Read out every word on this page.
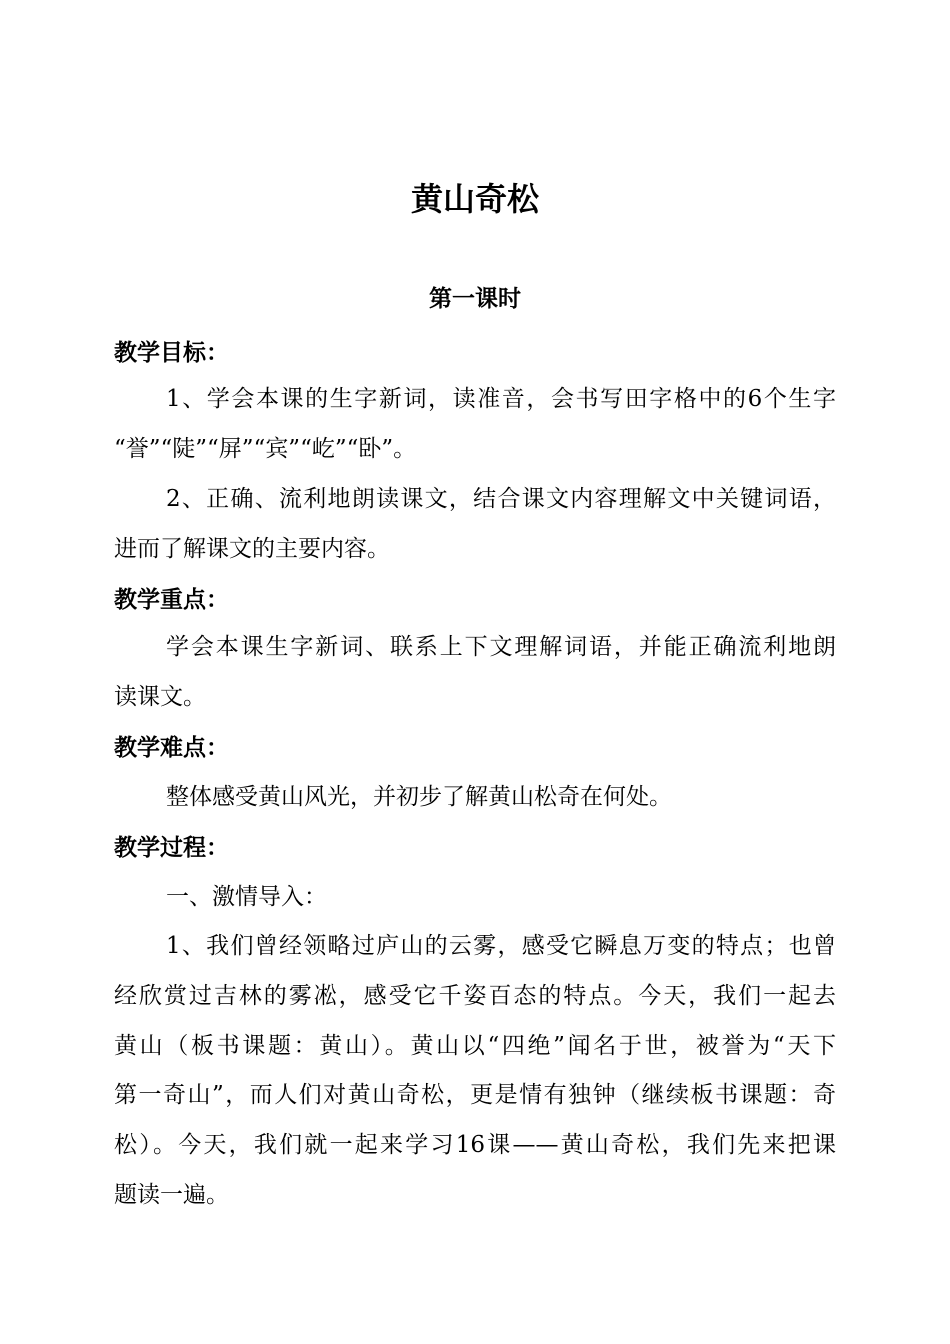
黄山奇松
第一课时
教学目标：
1、学会本课的生字新词，读准音，会书写田字格中的6个生字
“誉”“陡”“屏”“宾”“屹”“卧”。
2、正确、流利地朗读课文，结合课文内容理解文中关键词语，
进而了解课文的主要内容。
教学重点：
学会本课生字新词、联系上下文理解词语，并能正确流利地朗
读课文。
教学难点：
整体感受黄山风光，并初步了解黄山松奇在何处。
教学过程：
一、激情导入：
1、我们曾经领略过庐山的云雾，感受它瞬息万变的特点；也曾
经欣赏过吉林的雾凇，感受它千姿百态的特点。今天，我们一起去
黄山（板书课题：黄山）。黄山以“四绝”闻名于世，被誉为“天下
第一奇山”，而人们对黄山奇松，更是情有独钟（继续板书课题：奇
松）。今天，我们就一起来学习16课——黄山奇松，我们先来把课
题读一遍。
